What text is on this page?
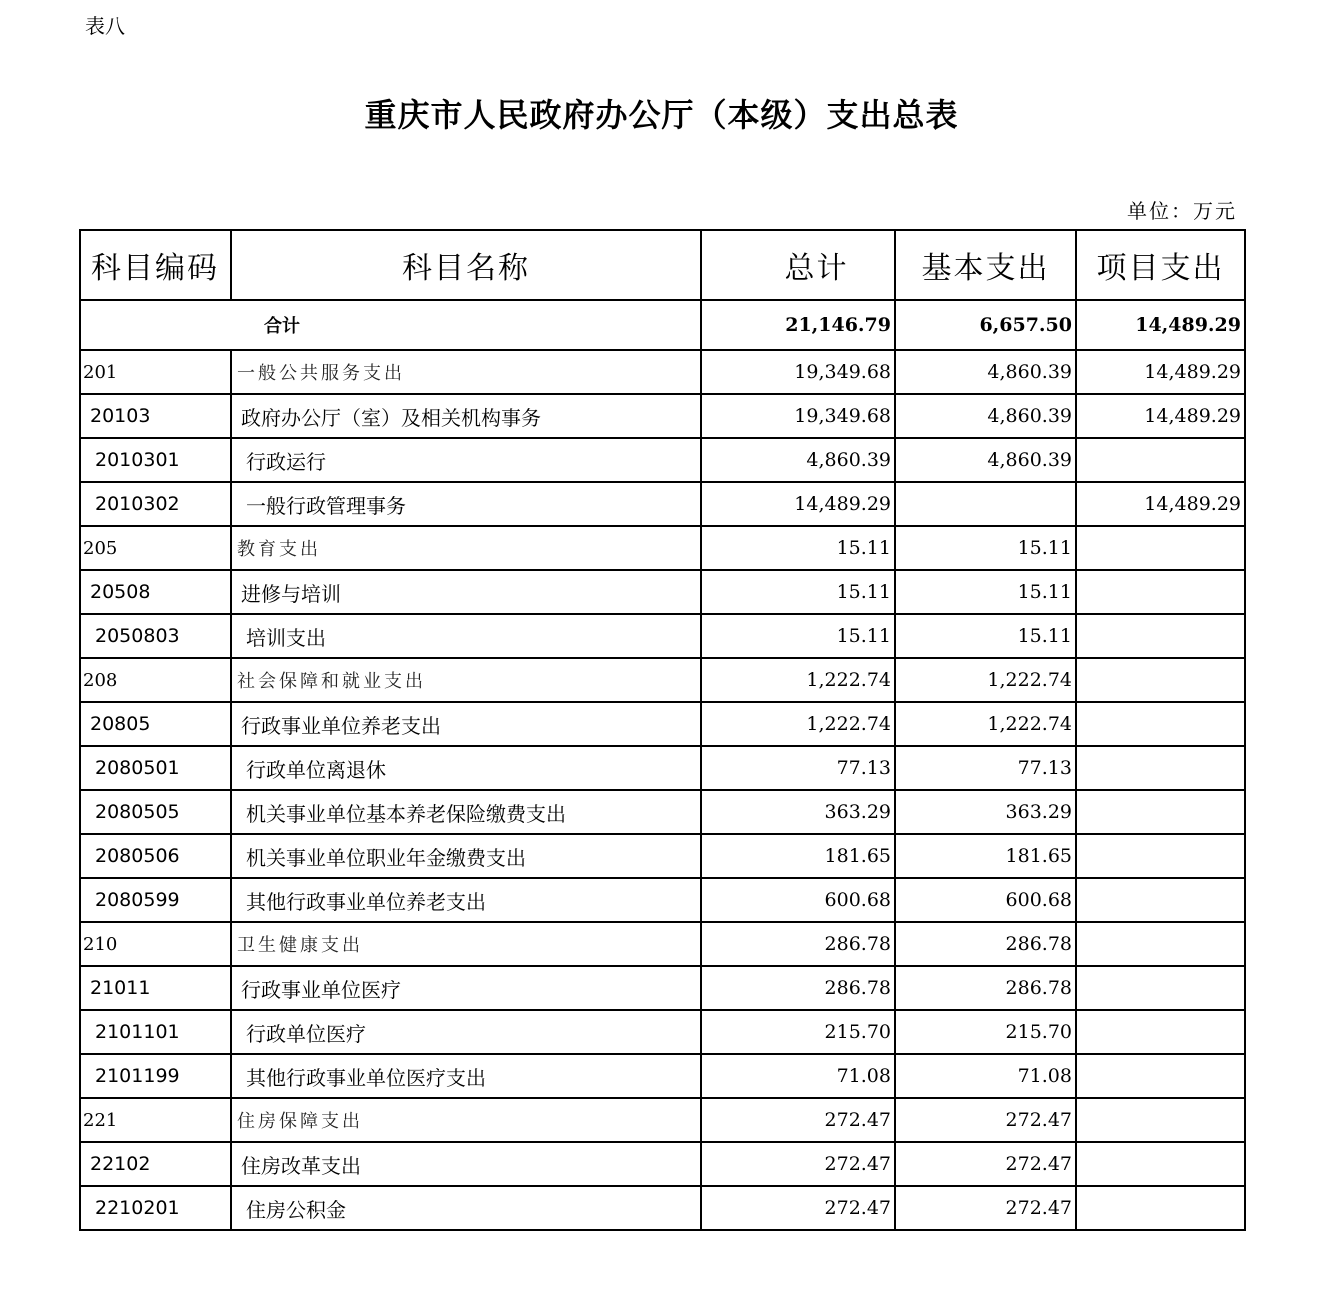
表八
重庆市人民政府办公厅（本级）支出总表
单位：万元
科目编码	科目名称	总计	基本支出	项目支出
合计		21,146.79	6,657.50	14,489.29
201	一般公共服务支出	19,349.68	4,860.39	14,489.29
20103	政府办公厅（室）及相关机构事务	19,349.68	4,860.39	14,489.29
2010301	行政运行	4,860.39	4,860.39	
2010302	一般行政管理事务	14,489.29		14,489.29
205	教育支出	15.11	15.11	
20508	进修与培训	15.11	15.11	
2050803	培训支出	15.11	15.11	
208	社会保障和就业支出	1,222.74	1,222.74	
20805	行政事业单位养老支出	1,222.74	1,222.74	
2080501	行政单位离退休	77.13	77.13	
2080505	机关事业单位基本养老保险缴费支出	363.29	363.29	
2080506	机关事业单位职业年金缴费支出	181.65	181.65	
2080599	其他行政事业单位养老支出	600.68	600.68	
210	卫生健康支出	286.78	286.78	
21011	行政事业单位医疗	286.78	286.78	
2101101	行政单位医疗	215.70	215.70	
2101199	其他行政事业单位医疗支出	71.08	71.08	
221	住房保障支出	272.47	272.47	
22102	住房改革支出	272.47	272.47	
2210201	住房公积金	272.47	272.47	
